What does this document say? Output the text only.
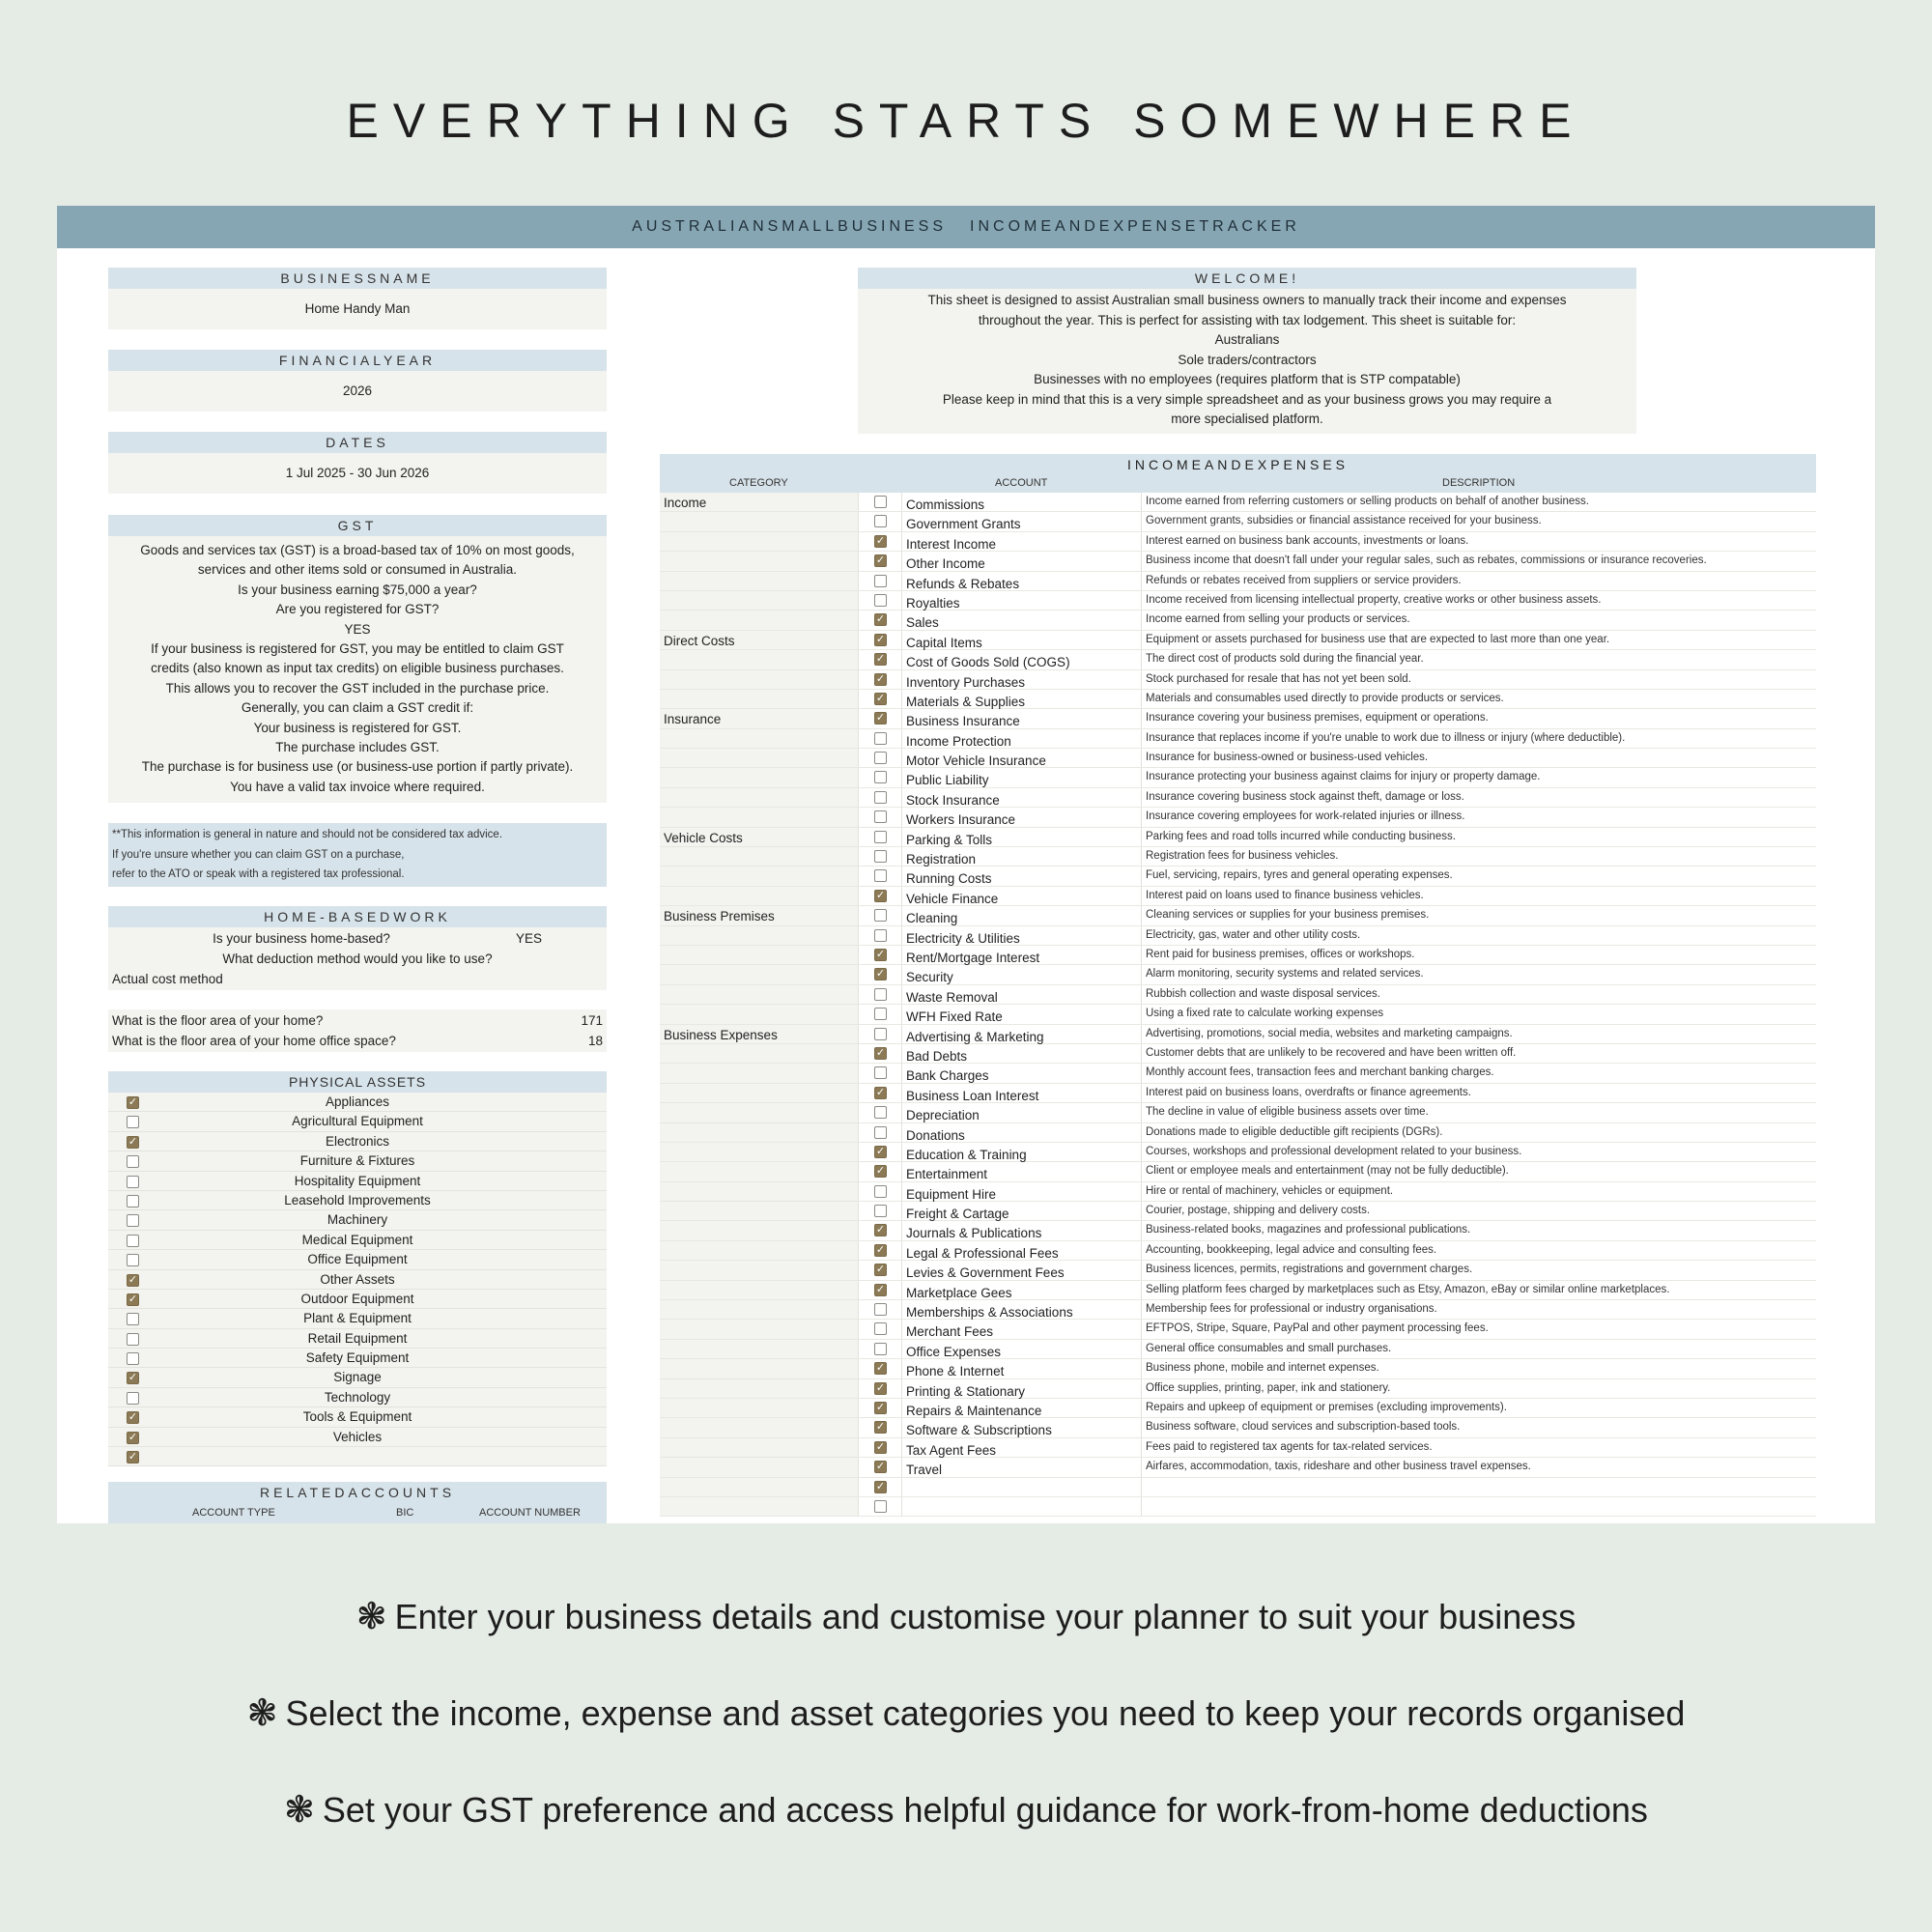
EVERYTHING STARTS SOMEWHERE
AUSTRALIANSMALLBUSINESS INCOMEANDEXPENSETRACKER
BUSINESSNAME
Home Handy Man
FINANCIALYEAR
2026
DATES
1 Jul 2025 - 30 Jun 2026
GST
Goods and services tax (GST) is a broad-based tax of 10% on most goods,
services and other items sold or consumed in Australia.
Is your business earning $75,000 a year?
Are you registered for GST?
YES
If your business is registered for GST, you may be entitled to claim GST
credits (also known as input tax credits) on eligible business purchases.
This allows you to recover the GST included in the purchase price.
Generally, you can claim a GST credit if:
Your business is registered for GST.
The purchase includes GST.
The purchase is for business use (or business-use portion if partly private).
You have a valid tax invoice where required.
**This information is general in nature and should not be considered tax advice.
If you're unsure whether you can claim GST on a purchase,
refer to the ATO or speak with a registered tax professional.
HOME-BASEDWORK
Is your business home-based?	YES
What deduction method would you like to use?
Actual cost method
What is the floor area of your home?	171
What is the floor area of your home office space?	18
PHYSICAL ASSETS
✓	Appliances
Agricultural Equipment
✓	Electronics
Furniture & Fixtures
Hospitality Equipment
Leasehold Improvements
Machinery
Medical Equipment
Office Equipment
✓	Other Assets
✓	Outdoor Equipment
Plant & Equipment
Retail Equipment
Safety Equipment
✓	Signage
Technology
✓	Tools & Equipment
✓	Vehicles
✓
RELATEDACCOUNTS
ACCOUNT TYPE	BIC	ACCOUNT NUMBER
WELCOME!
This sheet is designed to assist Australian small business owners to manually track their income and expenses
throughout the year. This is perfect for assisting with tax lodgement. This sheet is suitable for:
Australians
Sole traders/contractors
Businesses with no employees (requires platform that is STP compatable)
Please keep in mind that this is a very simple spreadsheet and as your business grows you may require a
more specialised platform.
INCOMEANDEXPENSES
CATEGORY	ACCOUNT	DESCRIPTION
Income	Commissions	Income earned from referring customers or selling products on behalf of another business.
Government Grants	Government grants, subsidies or financial assistance received for your business.
✓ Interest Income	Interest earned on business bank accounts, investments or loans.
✓ Other Income	Business income that doesn't fall under your regular sales, such as rebates, commissions or insurance recoveries.
Refunds & Rebates	Refunds or rebates received from suppliers or service providers.
Royalties	Income received from licensing intellectual property, creative works or other business assets.
✓ Sales	Income earned from selling your products or services.
Direct Costs	✓ Capital Items	Equipment or assets purchased for business use that are expected to last more than one year.
✓ Cost of Goods Sold (COGS)	The direct cost of products sold during the financial year.
✓ Inventory Purchases	Stock purchased for resale that has not yet been sold.
✓ Materials & Supplies	Materials and consumables used directly to provide products or services.
Insurance	✓ Business Insurance	Insurance covering your business premises, equipment or operations.
Income Protection	Insurance that replaces income if you're unable to work due to illness or injury (where deductible).
Motor Vehicle Insurance	Insurance for business-owned or business-used vehicles.
Public Liability	Insurance protecting your business against claims for injury or property damage.
Stock Insurance	Insurance covering business stock against theft, damage or loss.
Workers Insurance	Insurance covering employees for work-related injuries or illness.
Vehicle Costs	Parking & Tolls	Parking fees and road tolls incurred while conducting business.
Registration	Registration fees for business vehicles.
Running Costs	Fuel, servicing, repairs, tyres and general operating expenses.
✓ Vehicle Finance	Interest paid on loans used to finance business vehicles.
Business Premises	Cleaning	Cleaning services or supplies for your business premises.
Electricity & Utilities	Electricity, gas, water and other utility costs.
✓ Rent/Mortgage Interest	Rent paid for business premises, offices or workshops.
✓ Security	Alarm monitoring, security systems and related services.
Waste Removal	Rubbish collection and waste disposal services.
WFH Fixed Rate	Using a fixed rate to calculate working expenses
Business Expenses	Advertising & Marketing	Advertising, promotions, social media, websites and marketing campaigns.
✓ Bad Debts	Customer debts that are unlikely to be recovered and have been written off.
Bank Charges	Monthly account fees, transaction fees and merchant banking charges.
✓ Business Loan Interest	Interest paid on business loans, overdrafts or finance agreements.
Depreciation	The decline in value of eligible business assets over time.
Donations	Donations made to eligible deductible gift recipients (DGRs).
✓ Education & Training	Courses, workshops and professional development related to your business.
✓ Entertainment	Client or employee meals and entertainment (may not be fully deductible).
Equipment Hire	Hire or rental of machinery, vehicles or equipment.
Freight & Cartage	Courier, postage, shipping and delivery costs.
✓ Journals & Publications	Business-related books, magazines and professional publications.
✓ Legal & Professional Fees	Accounting, bookkeeping, legal advice and consulting fees.
✓ Levies & Government Fees	Business licences, permits, registrations and government charges.
✓ Marketplace Gees	Selling platform fees charged by marketplaces such as Etsy, Amazon, eBay or similar online marketplaces.
Memberships & Associations	Membership fees for professional or industry organisations.
Merchant Fees	EFTPOS, Stripe, Square, PayPal and other payment processing fees.
Office Expenses	General office consumables and small purchases.
✓ Phone & Internet	Business phone, mobile and internet expenses.
✓ Printing & Stationary	Office supplies, printing, paper, ink and stationery.
✓ Repairs & Maintenance	Repairs and upkeep of equipment or premises (excluding improvements).
✓ Software & Subscriptions	Business software, cloud services and subscription-based tools.
✓ Tax Agent Fees	Fees paid to registered tax agents for tax-related services.
✓ Travel	Airfares, accommodation, taxis, rideshare and other business travel expenses.
✓
❃ Enter your business details and customise your planner to suit your business
❃ Select the income, expense and asset categories you need to keep your records organised
❃ Set your GST preference and access helpful guidance for work-from-home deductions
